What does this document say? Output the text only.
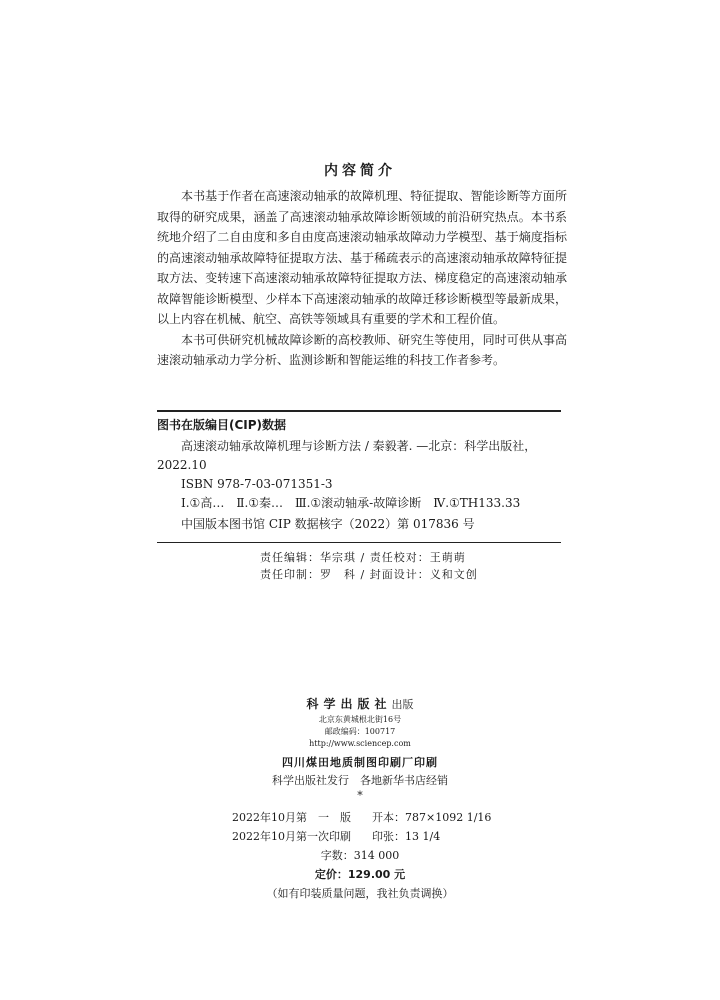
内容简介

本书基于作者在高速滚动轴承的故障机理、特征提取、智能诊断等方面所取得的研究成果，涵盖了高速滚动轴承故障诊断领域的前沿研究热点。本书系统地介绍了二自由度和多自由度高速滚动轴承故障动力学模型、基于熵度指标的高速滚动轴承故障特征提取方法、基于稀疏表示的高速滚动轴承故障特征提取方法、变转速下高速滚动轴承故障特征提取方法、梯度稳定的高速滚动轴承故障智能诊断模型、少样本下高速滚动轴承的故障迁移诊断模型等最新成果，以上内容在机械、航空、高铁等领域具有重要的学术和工程价值。

本书可供研究机械故障诊断的高校教师、研究生等使用，同时可供从事高速滚动轴承动力学分析、监测诊断和智能运维的科技工作者参考。

图书在版编目(CIP)数据
高速滚动轴承故障机理与诊断方法 / 秦毅著. —北京：科学出版社，
2022.10
ISBN 978-7-03-071351-3
Ⅰ.①高…　Ⅱ.①秦…　Ⅲ.①滚动轴承-故障诊断　Ⅳ.①TH133.33
中国版本图书馆 CIP 数据核字（2022）第 017836 号
责任编辑：华宗琪 / 责任校对：王萌萌
责任印制：罗　科 / 封面设计：义和文创
科学出版社出版
北京东黄城根北街16号
邮政编码：100717
http://www.sciencep.com
四川煤田地质制图印刷厂印刷
科学出版社发行　各地新华书店经销
*
2022年10月第　一　版 开本：787×1092 1/16
2022年10月第一次印刷 印张：13 1/4
字数：314 000
定价：129.00 元
（如有印装质量问题，我社负责调换）
